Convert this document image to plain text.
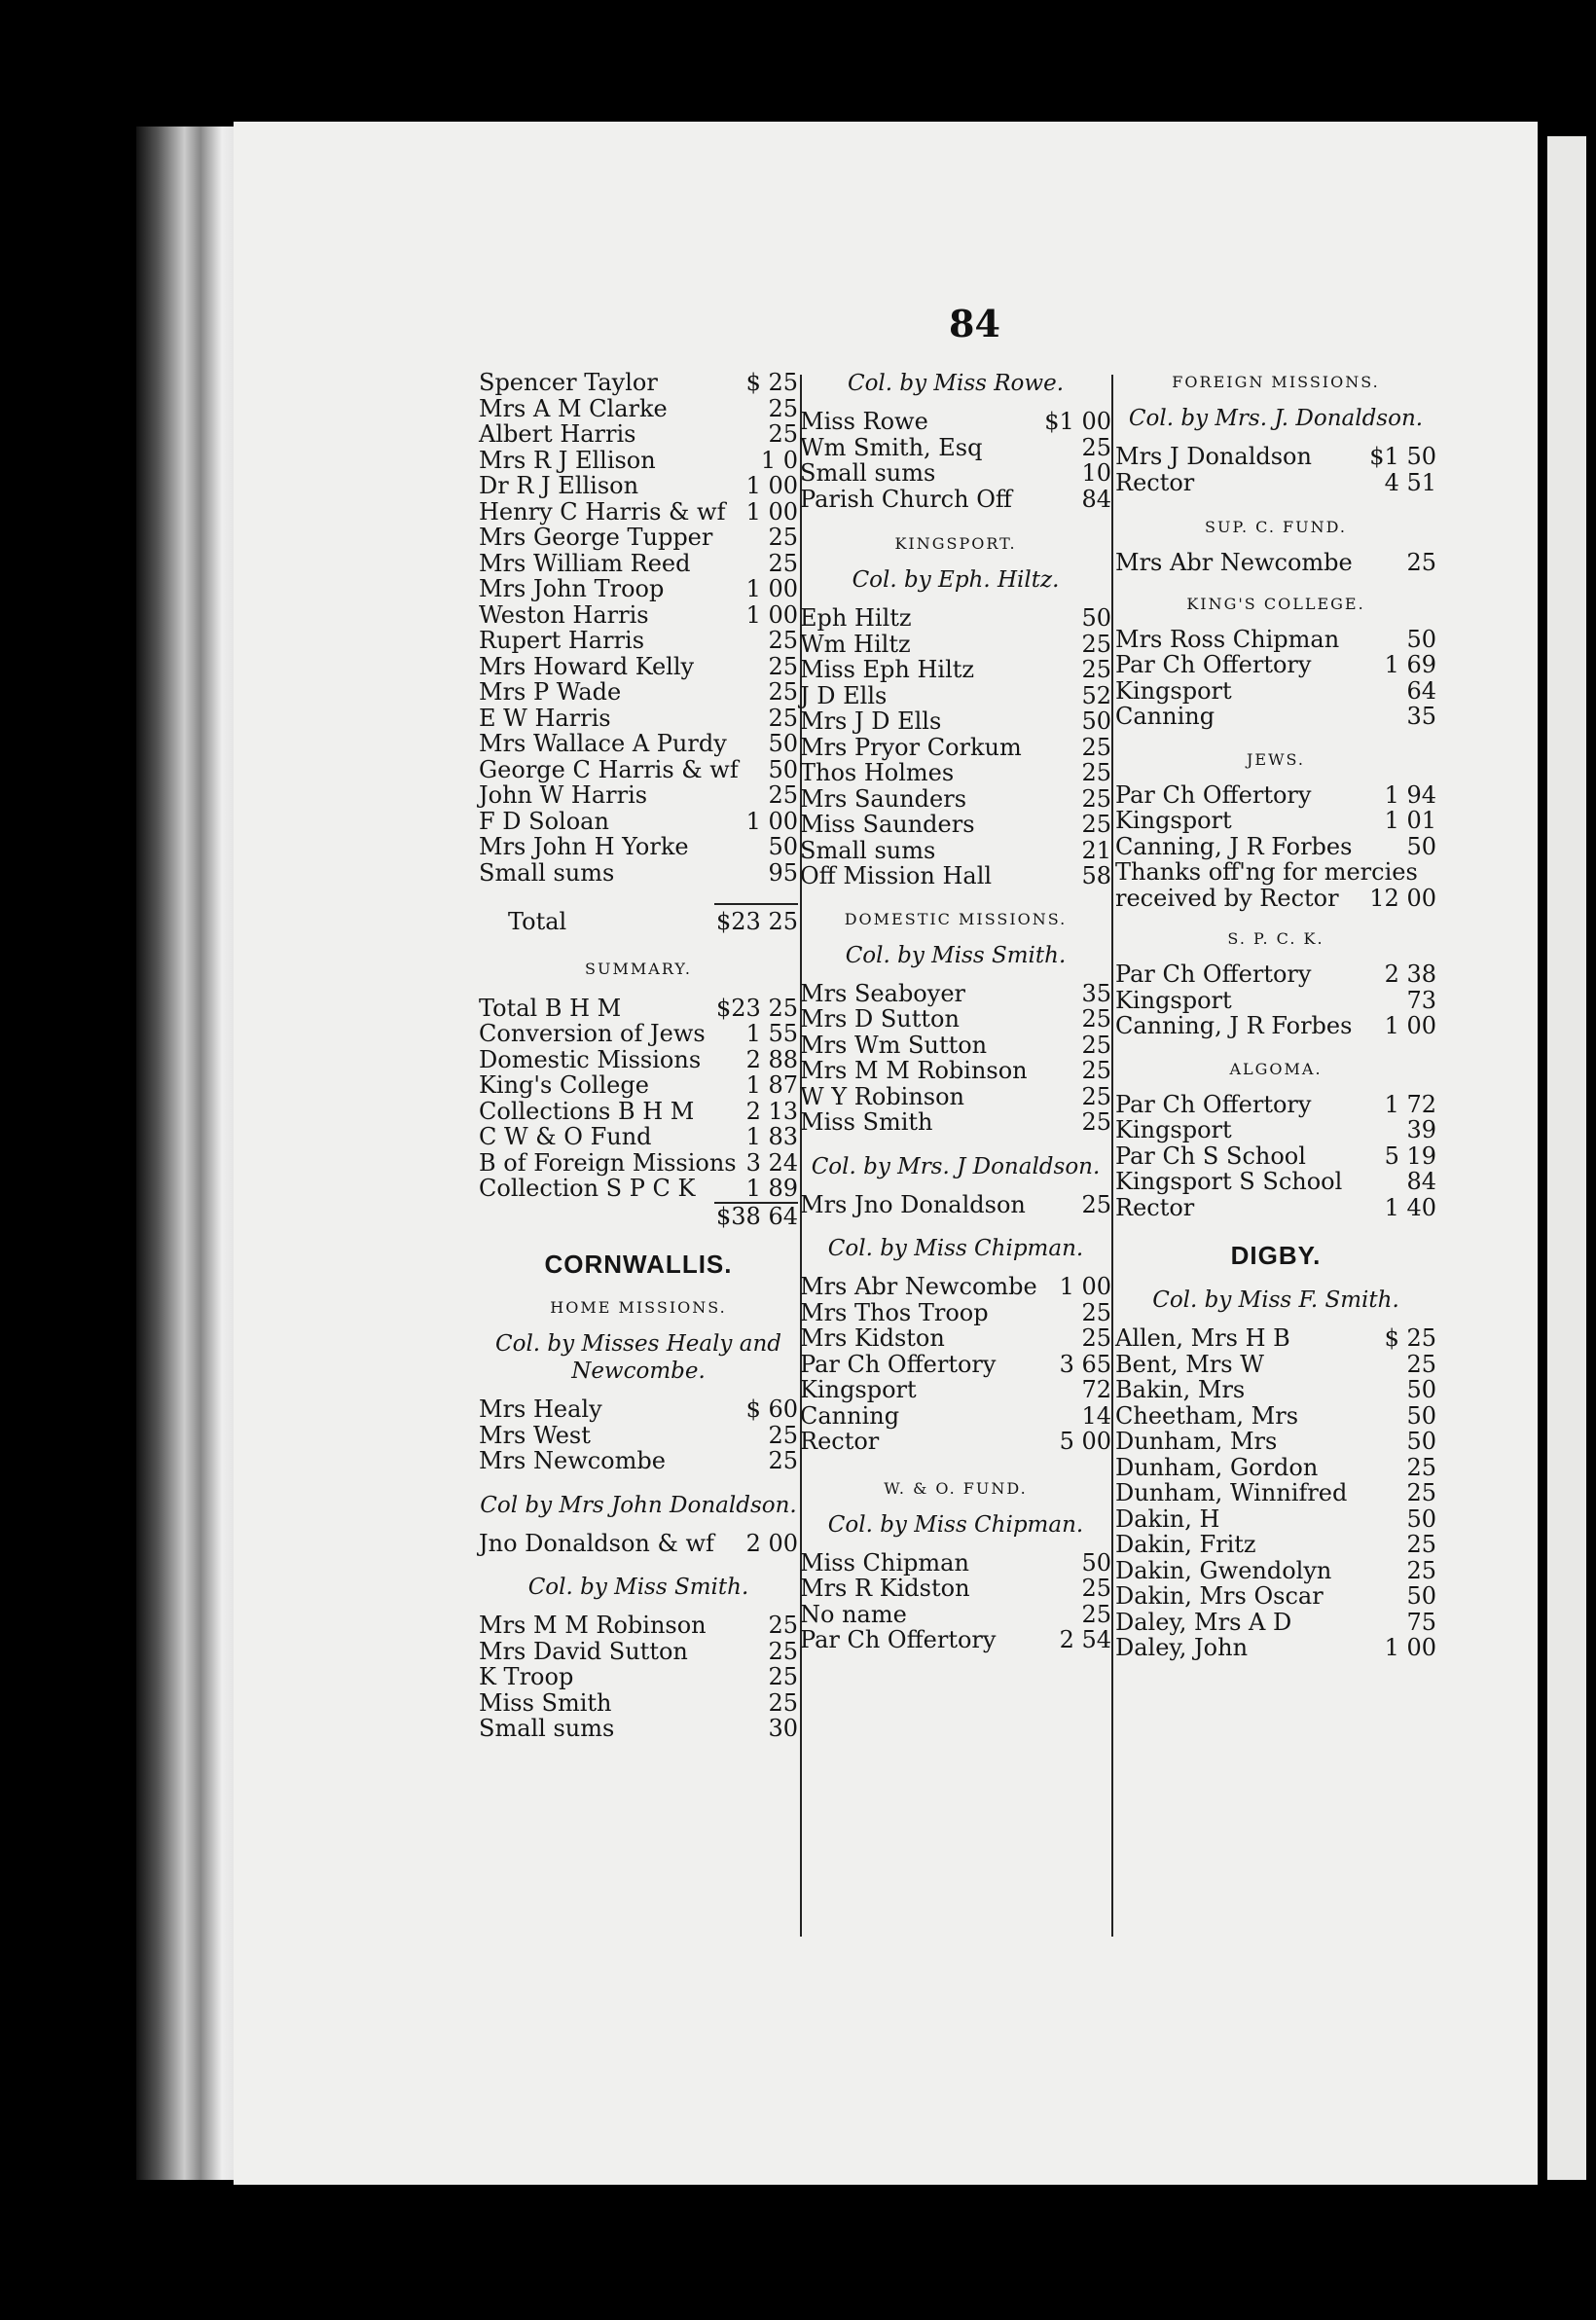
84
Spencer Taylor	$ 25
Mrs A M Clarke	25
Albert Harris	25
Mrs R J Ellison	1 0
Dr R J Ellison	1 00
Henry C Harris & wf 1 00
Mrs George Tupper 25
Mrs William Reed	25
Mrs John Troop	1 00
Weston Harris	1 00
Rupert Harris	25
Mrs Howard Kelly	25
Mrs P Wade	25
E W Harris	25
Mrs Wallace A Purdy 50
George C Harris & wf 50
John W Harris	25
F D Soloan	1 00
Mrs John H Yorke	50
Small sums	95
Total	$23 25
SUMMARY.
Total B H M	$23 25
Conversion of Jews 1 55
Domestic Missions 2 88
King's College	1 87
Collections B H M 2 13
C W & O Fund	1 83
B of Foreign Missions 3 24
Collection S P C K 1 89
$38 64
CORNWALLIS.
HOME MISSIONS.
Col. by Misses Healy and Newcombe.
Mrs Healy	$ 60
Mrs West	25
Mrs Newcombe	25
Col by Mrs John Donaldson.
Jno Donaldson & wf 2 00
Col. by Miss Smith.
Mrs M M Robinson	25
Mrs David Sutton	25
K Troop	25
Miss Smith	25
Small sums	30
Col. by Miss Rowe.
Miss Rowe	$1 00
Wm Smith, Esq	25
Small sums	10
Parish Church Off	84
KINGSPORT.
Col. by Eph. Hiltz.
Eph Hiltz	50
Wm Hiltz	25
Miss Eph Hiltz	25
J D Ells	52
Mrs J D Ells	50
Mrs Pryor Corkum	25
Thos Holmes	25
Mrs Saunders	25
Miss Saunders	25
Small sums	21
Off Mission Hall	58
DOMESTIC MISSIONS.
Col. by Miss Smith.
Mrs Seaboyer	35
Mrs D Sutton	25
Mrs Wm Sutton	25
Mrs M M Robinson 25
W Y Robinson	25
Miss Smith	25
Col. by Mrs. J Donaldson.
Mrs Jno Donaldson 25
Col. by Miss Chipman.
Mrs Abr Newcombe 1 00
Mrs Thos Troop	25
Mrs Kidston	25
Par Ch Offertory	3 65
Kingsport	72
Canning	14
Rector	5 00
W. & O. FUND.
Col. by Miss Chipman.
Miss Chipman	50
Mrs R Kidston	25
No name	25
Par Ch Offertory	2 54
FOREIGN MISSIONS.
Col. by Mrs. J. Donaldson.
Mrs J Donaldson $1 50
Rector	4 51
SUP. C. FUND.
Mrs Abr Newcombe 25
KING'S COLLEGE.
Mrs Ross Chipman	50
Par Ch Offertory	1 69
Kingsport	64
Canning	35
JEWS.
Par Ch Offertory	1 94
Kingsport	1 01
Canning, J R Forbes 50
Thanks off'ng for mercies
received by Rector 12 00
S. P. C. K.
Par Ch Offertory	2 38
Kingsport	73
Canning, J R Forbes 1 00
ALGOMA.
Par Ch Offertory	1 72
Kingsport	39
Par Ch S School	5 19
Kingsport S School	84
Rector	1 40
DIGBY.
Col. by Miss F. Smith.
Allen, Mrs H B	$ 25
Bent, Mrs W	25
Bakin, Mrs	50
Cheetham, Mrs	50
Dunham, Mrs	50
Dunham, Gordon	25
Dunham, Winnifred	25
Dakin, H	50
Dakin, Fritz	25
Dakin, Gwendolyn	25
Dakin, Mrs Oscar	50
Daley, Mrs A D	75
Daley, John	1 00
